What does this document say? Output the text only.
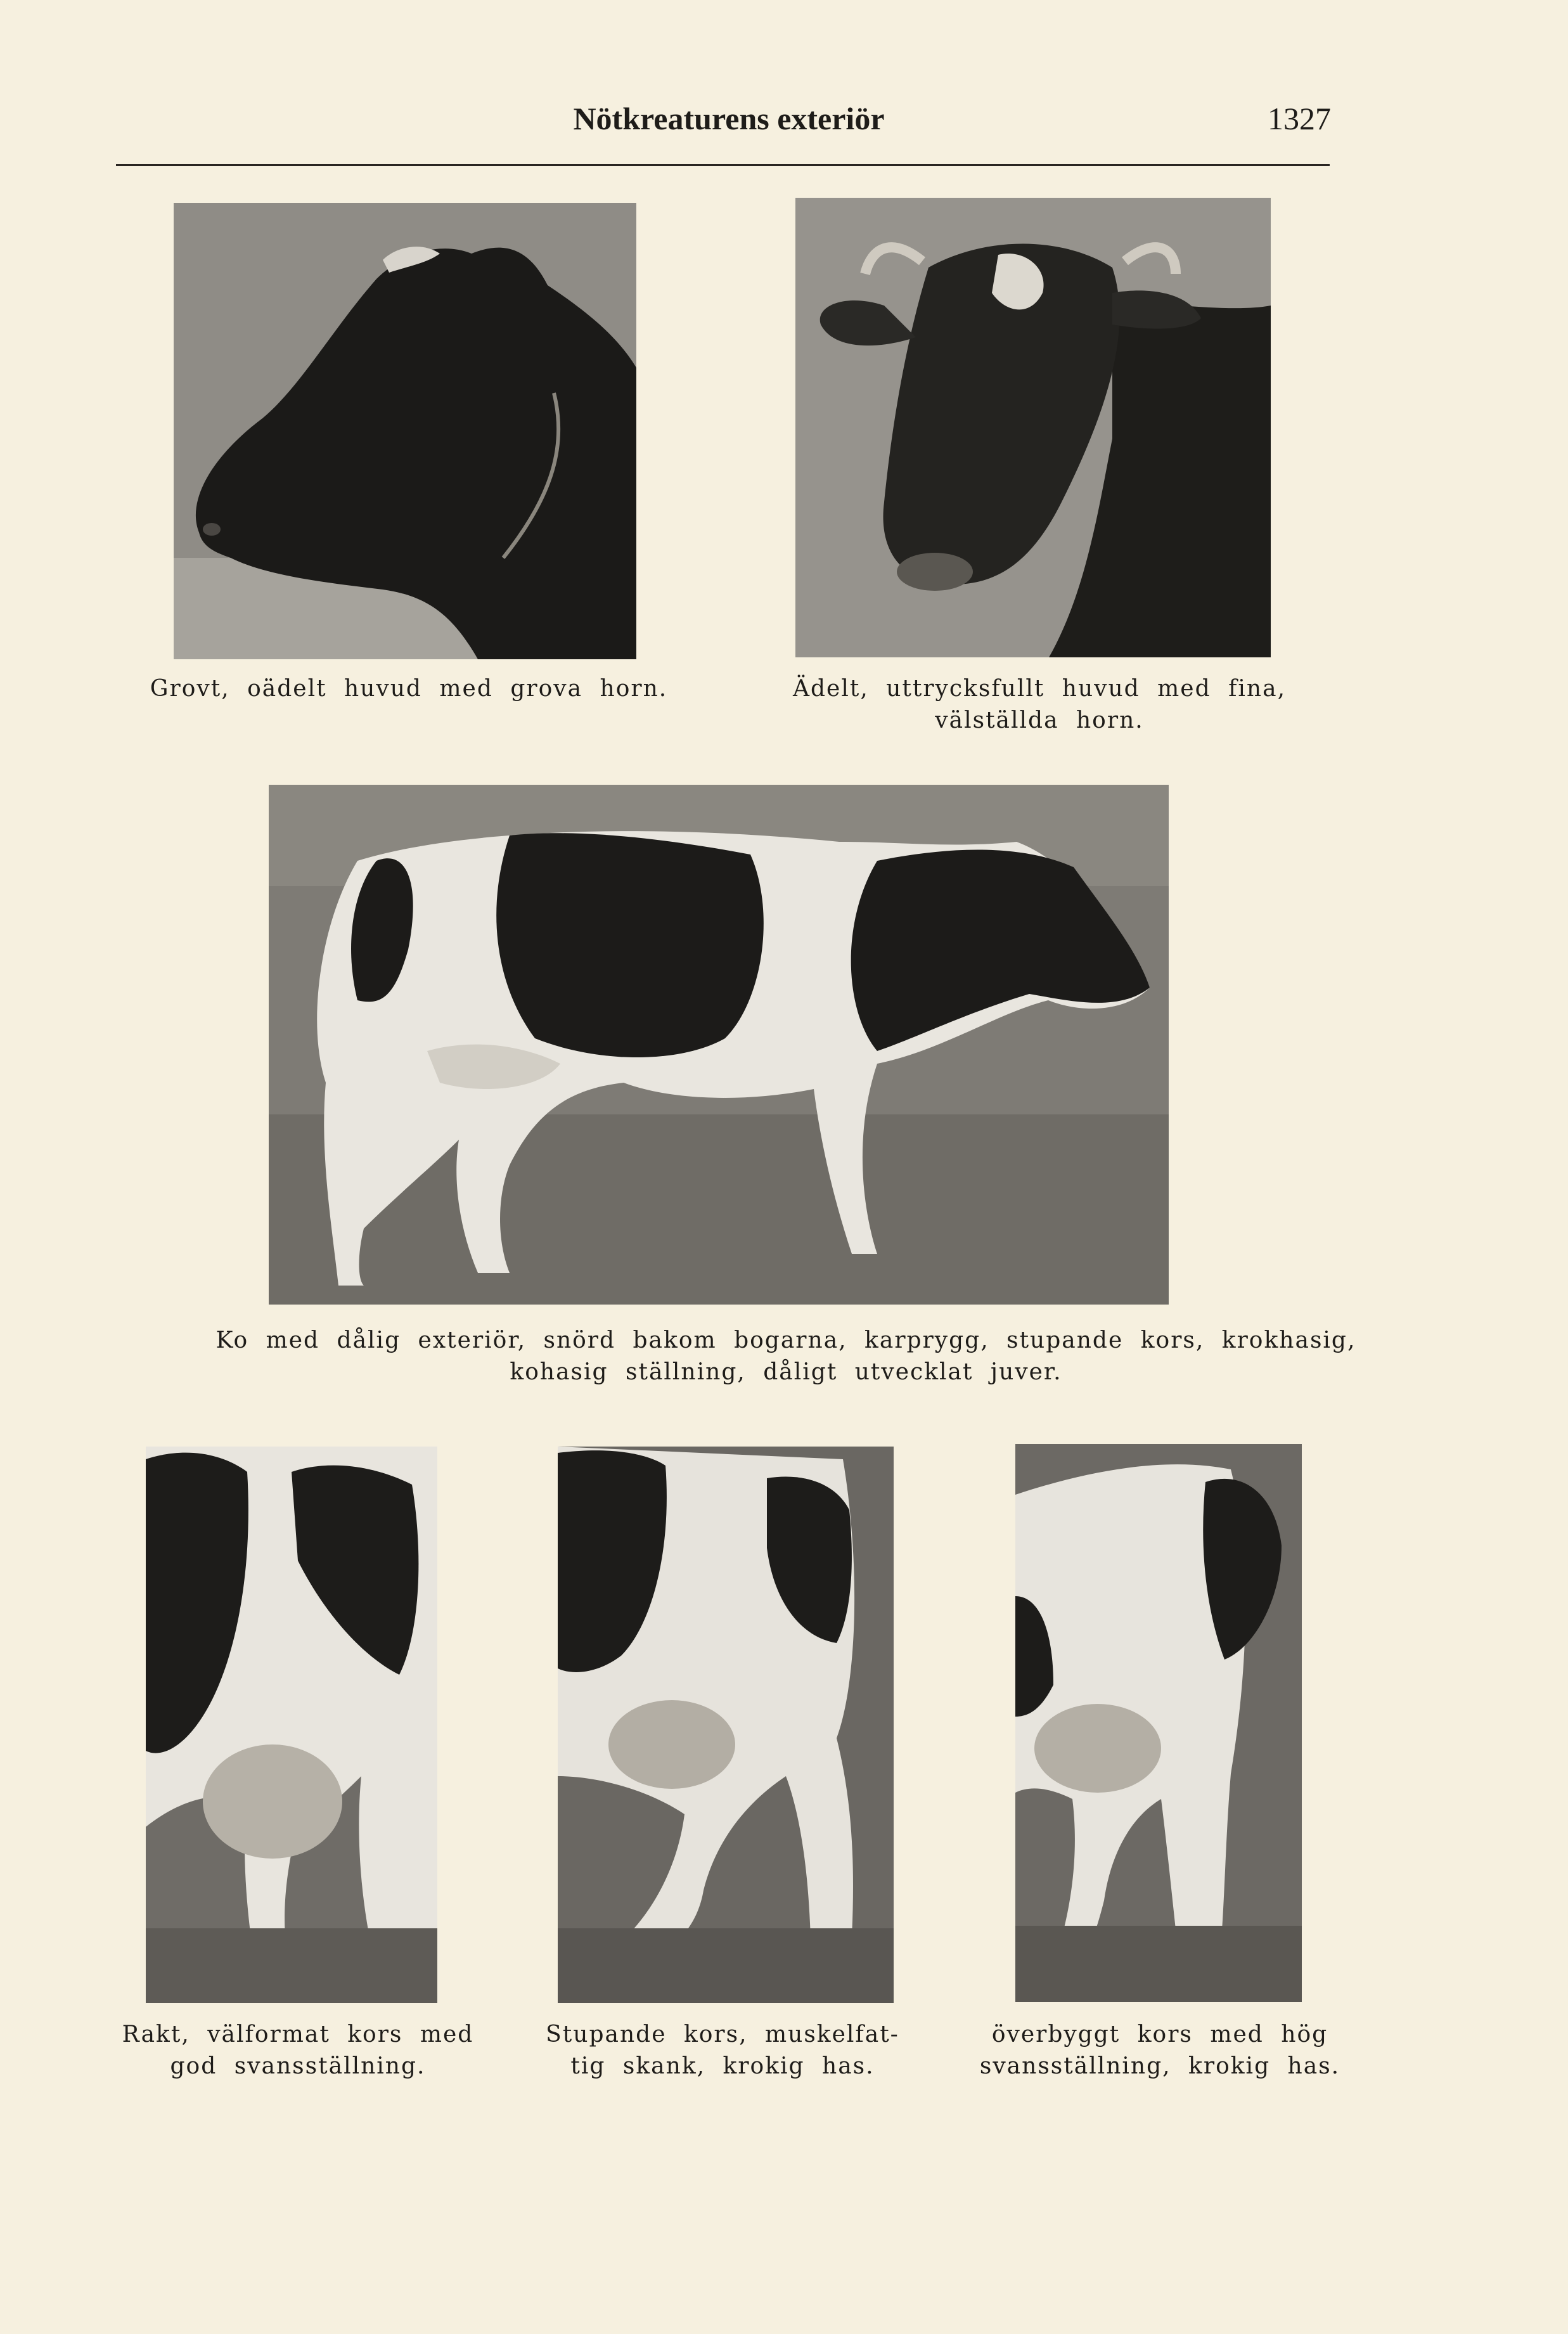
Nötkreaturens exteriör	1327
Grovt, oädelt huvud med grova horn.	Ädelt, uttrycksfullt huvud med fina,
välställda horn.
Ko med dålig exteriör, snörd bakom bogarna, karprygg, stupande kors, krokhasig,
kohasig ställning, dåligt utvecklat juver.
Rakt, välformat kors med
god svansställning.
Stupande kors, muskelfat-
tig skank, krokig has.
överbyggt kors med hög
svansställning, krokig has.
